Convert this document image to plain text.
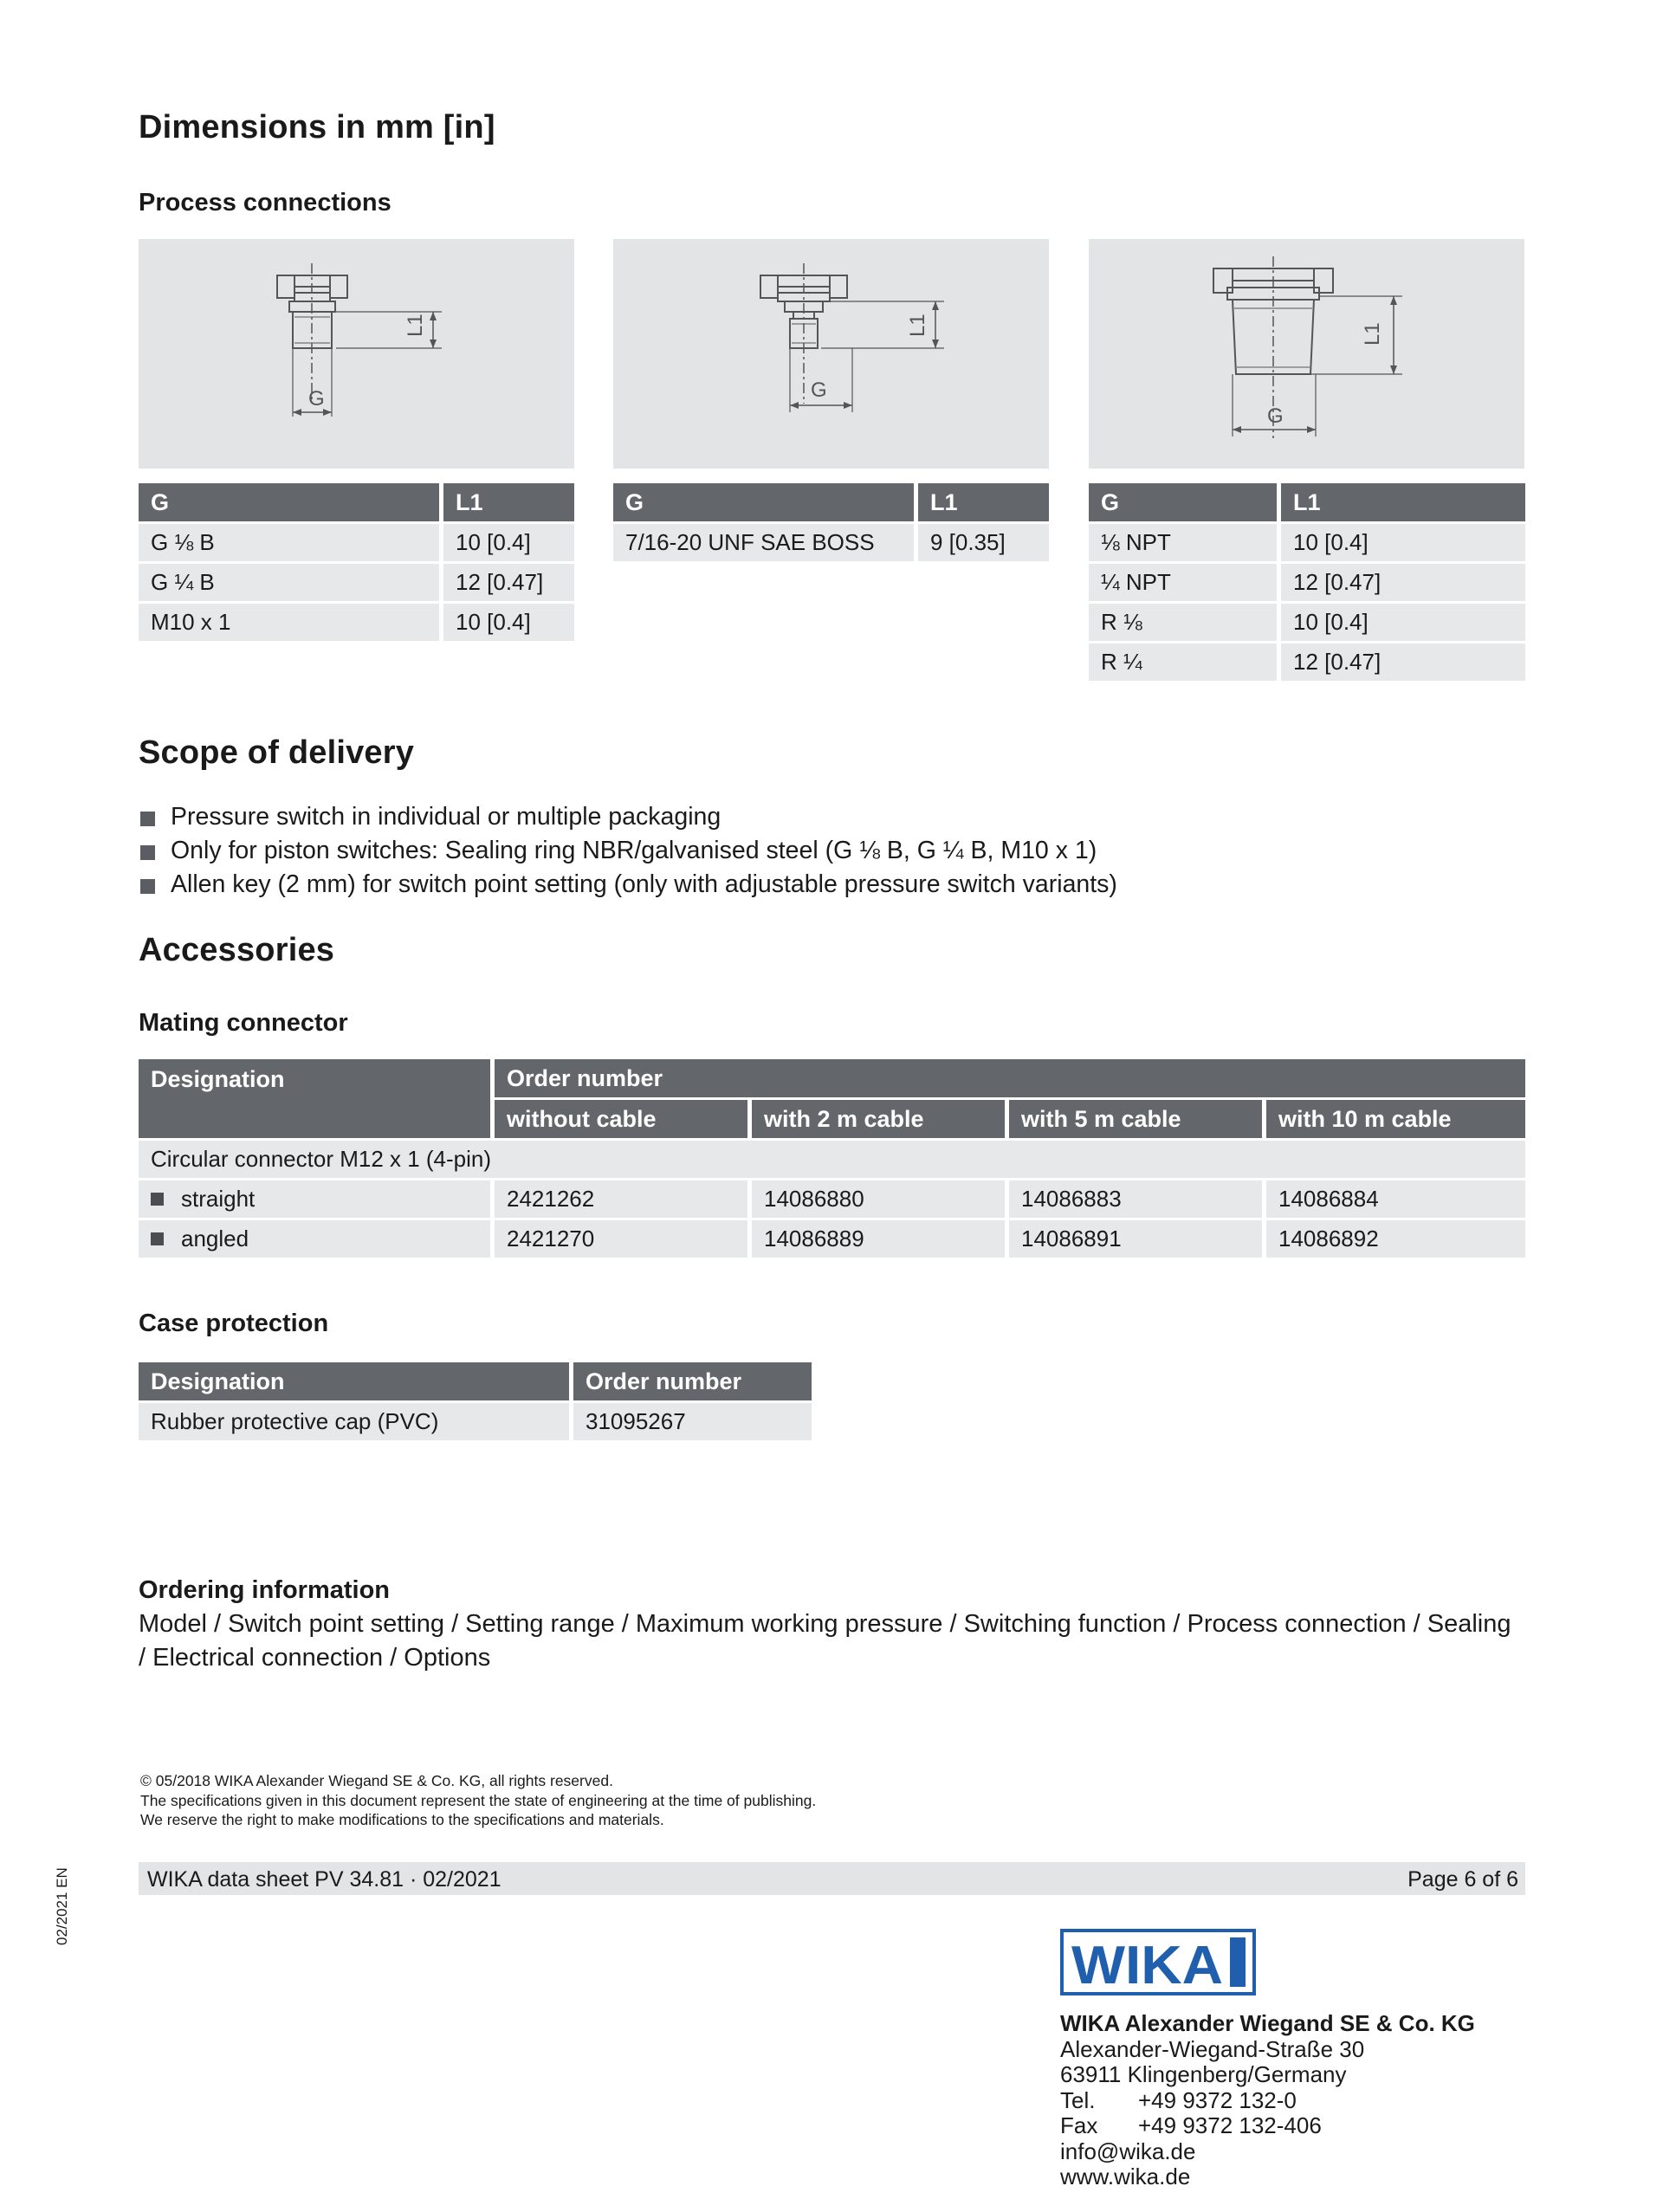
Dimensions in mm [in]
Process connections
G
L1
G
L1
G
L1
G	L1
G ⅛ B	10 [0.4]
G ¼ B	12 [0.47]
M10 x 1	10 [0.4]
G	L1
7/16-20 UNF SAE BOSS	9 [0.35]
G	L1
⅛ NPT	10 [0.4]
¼ NPT	12 [0.47]
R ⅛	10 [0.4]
R ¼	12 [0.47]
Scope of delivery
Pressure switch in individual or multiple packaging
Only for piston switches: Sealing ring NBR/galvanised steel (G ⅛ B, G ¼ B, M10 x 1)
Allen key (2 mm) for switch point setting (only with adjustable pressure switch variants)
Accessories
Mating connector
Designation	Order number			
	without cable	with 2 m cable	with 5 m cable	with 10 m cable
Circular connector M12 x 1 (4-pin)				
straight	2421262	14086880	14086883	14086884
angled	2421270	14086889	14086891	14086892
Case protection
Designation	Order number
Rubber protective cap (PVC)	31095267
Ordering information
Model / Switch point setting / Setting range / Maximum working pressure / Switching function / Process connection / Sealing / Electrical connection / Options
© 05/2018 WIKA Alexander Wiegand SE & Co. KG, all rights reserved.
The specifications given in this document represent the state of engineering at the time of publishing.
We reserve the right to make modifications to the specifications and materials.
WIKA data sheet PV 34.81 · 02/2021	Page 6 of 6
02/2021 EN
WIKA
WIKA Alexander Wiegand SE & Co. KG
Alexander-Wiegand-Straße 30
63911 Klingenberg/Germany
Tel. +49 9372 132-0
Fax +49 9372 132-406
info@wika.de
www.wika.de
